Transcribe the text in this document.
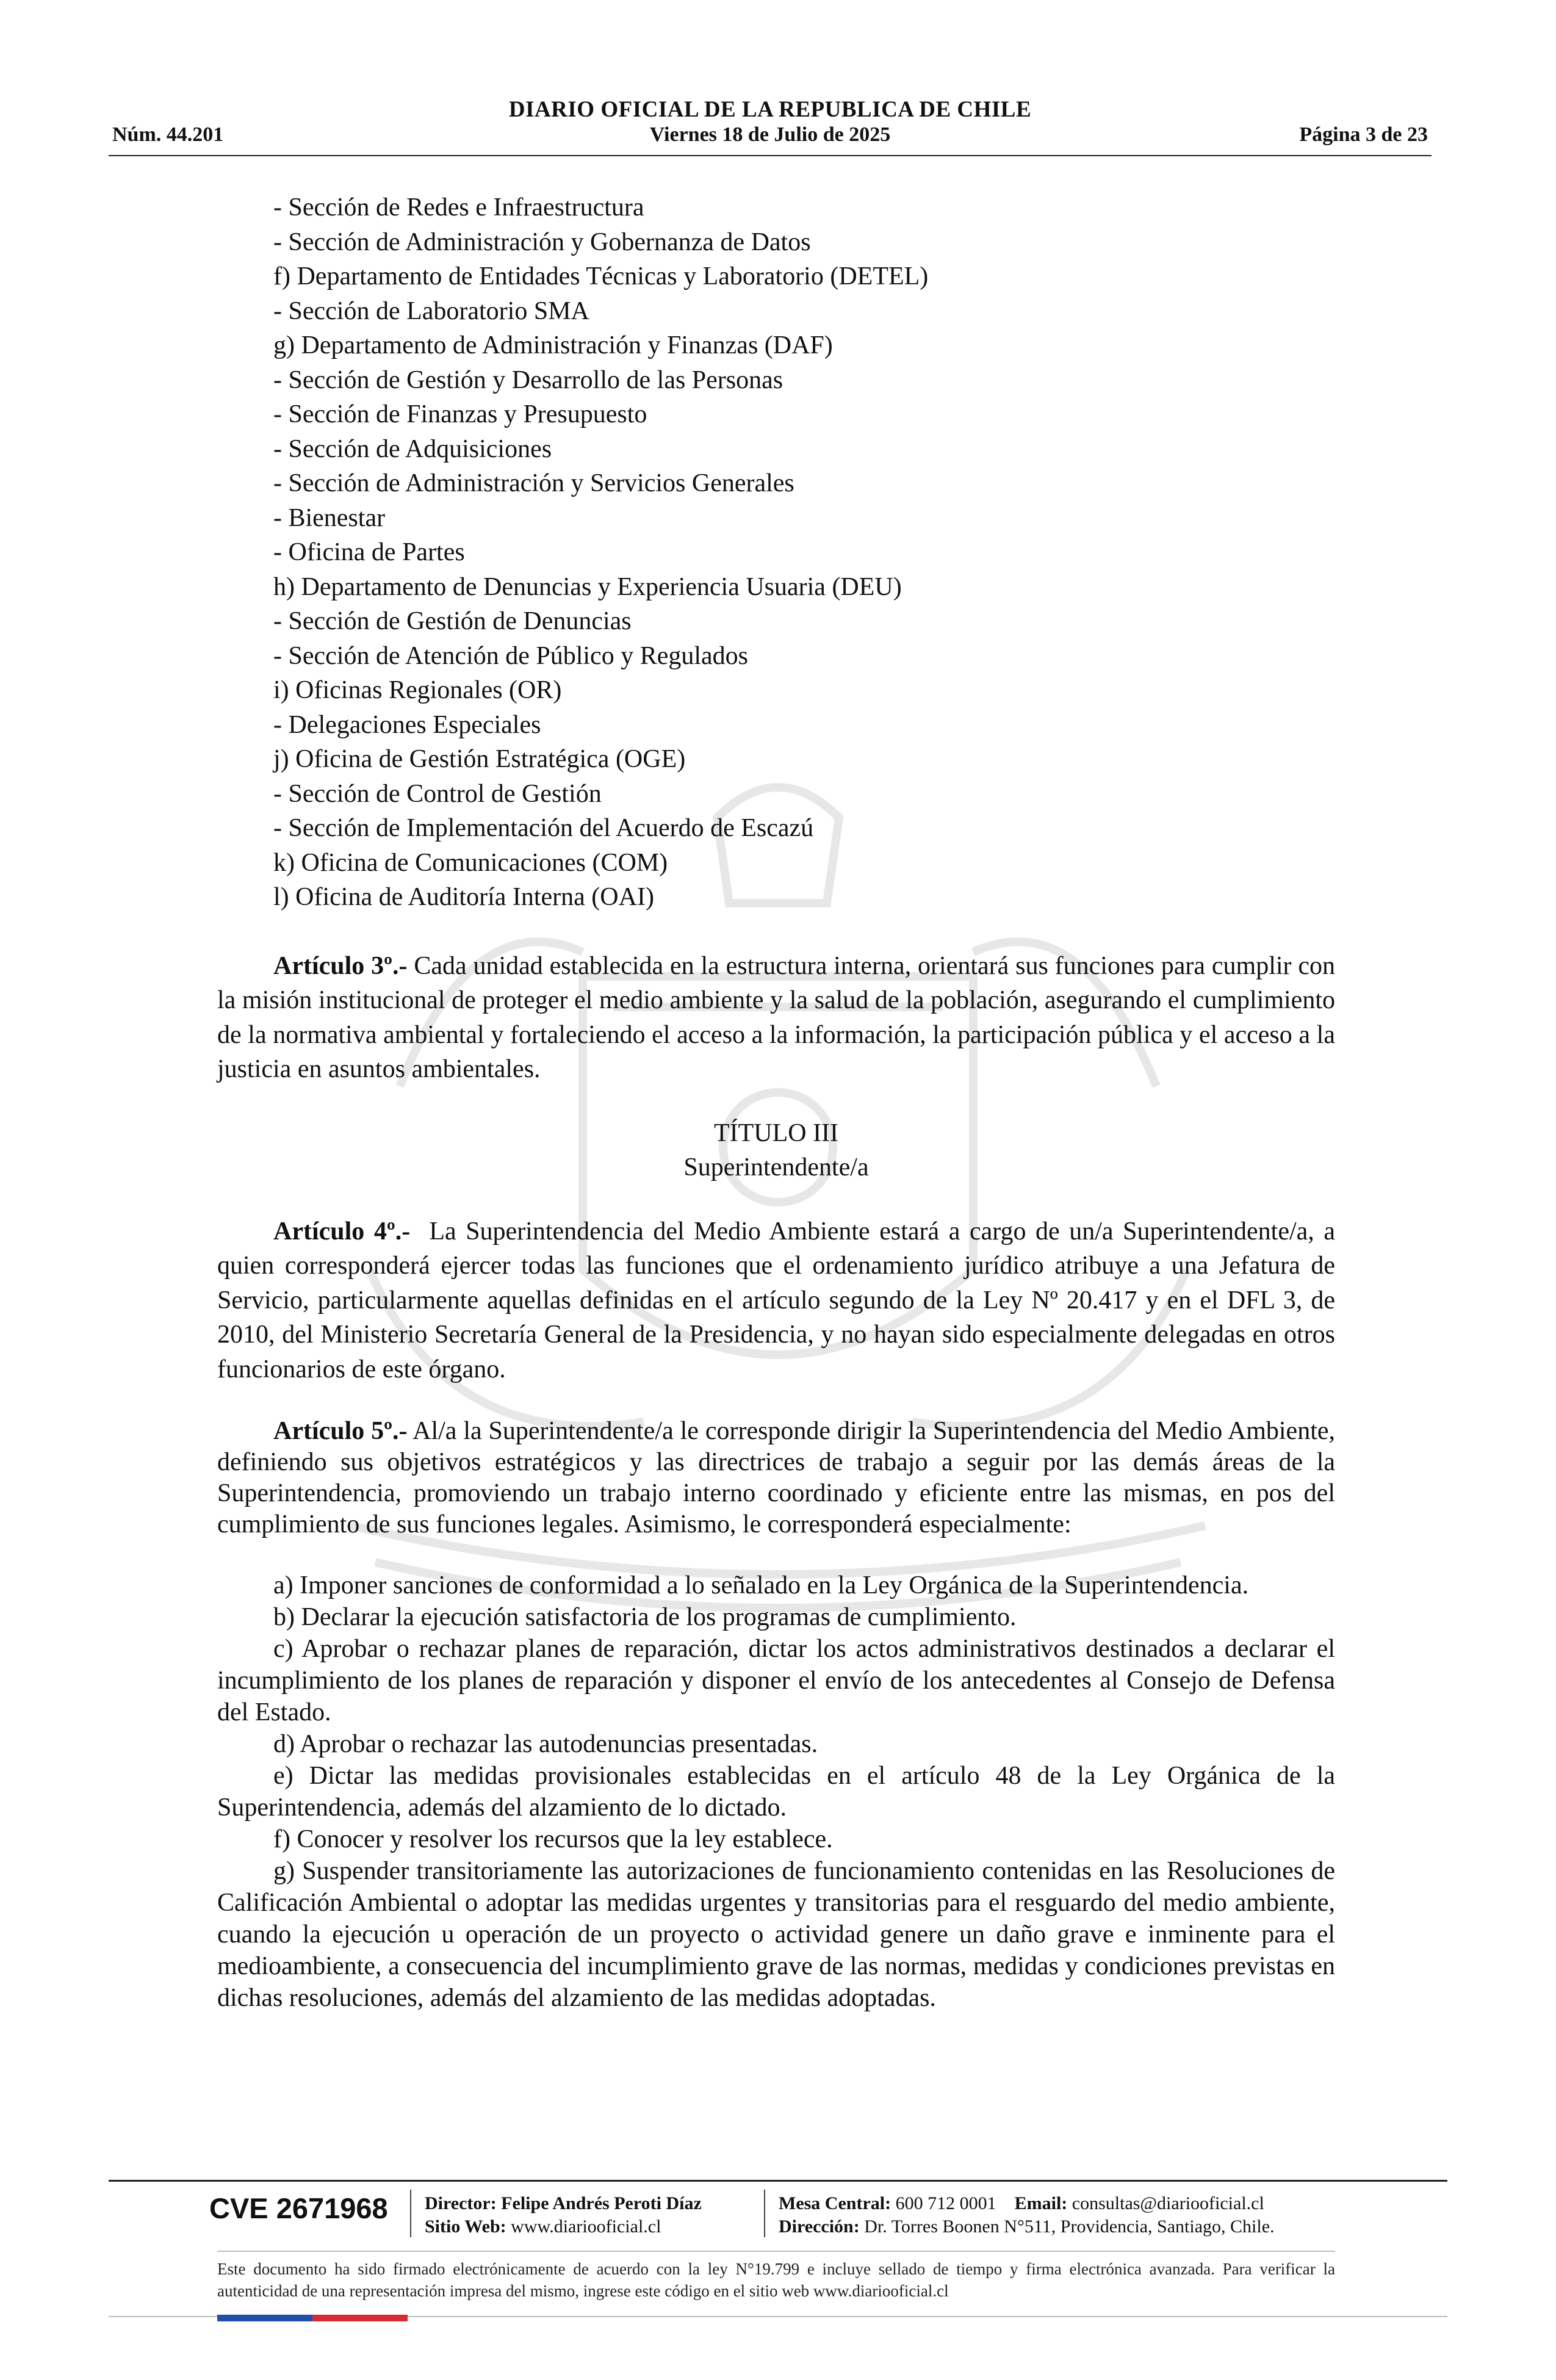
DIARIO OFICIAL DE LA REPUBLICA DE CHILE
Núm. 44.201	Viernes 18 de Julio de 2025	Página 3 de 23
- Sección de Redes e Infraestructura
- Sección de Administración y Gobernanza de Datos
f) Departamento de Entidades Técnicas y Laboratorio (DETEL)
- Sección de Laboratorio SMA
g) Departamento de Administración y Finanzas (DAF)
- Sección de Gestión y Desarrollo de las Personas
- Sección de Finanzas y Presupuesto
- Sección de Adquisiciones
- Sección de Administración y Servicios Generales
- Bienestar
- Oficina de Partes
h) Departamento de Denuncias y Experiencia Usuaria (DEU)
- Sección de Gestión de Denuncias
- Sección de Atención de Público y Regulados
i) Oficinas Regionales (OR)
- Delegaciones Especiales
j) Oficina de Gestión Estratégica (OGE)
- Sección de Control de Gestión
- Sección de Implementación del Acuerdo de Escazú
k) Oficina de Comunicaciones (COM)
l) Oficina de Auditoría Interna (OAI)

Artículo 3º.- Cada unidad establecida en la estructura interna, orientará sus funciones para cumplir con la misión institucional de proteger el medio ambiente y la salud de la población, asegurando el cumplimiento de la normativa ambiental y fortaleciendo el acceso a la información, la participación pública y el acceso a la justicia en asuntos ambientales.

TÍTULO III
Superintendente/a

Artículo 4º.- La Superintendencia del Medio Ambiente estará a cargo de un/a Superintendente/a, a quien corresponderá ejercer todas las funciones que el ordenamiento jurídico atribuye a una Jefatura de Servicio, particularmente aquellas definidas en el artículo segundo de la Ley Nº 20.417 y en el DFL 3, de 2010, del Ministerio Secretaría General de la Presidencia, y no hayan sido especialmente delegadas en otros funcionarios de este órgano.

Artículo 5º.- Al/a la Superintendente/a le corresponde dirigir la Superintendencia del Medio Ambiente, definiendo sus objetivos estratégicos y las directrices de trabajo a seguir por las demás áreas de la Superintendencia, promoviendo un trabajo interno coordinado y eficiente entre las mismas, en pos del cumplimiento de sus funciones legales. Asimismo, le corresponderá especialmente:

a) Imponer sanciones de conformidad a lo señalado en la Ley Orgánica de la Superintendencia.

b) Declarar la ejecución satisfactoria de los programas de cumplimiento.

c) Aprobar o rechazar planes de reparación, dictar los actos administrativos destinados a declarar el incumplimiento de los planes de reparación y disponer el envío de los antecedentes al Consejo de Defensa del Estado.

d) Aprobar o rechazar las autodenuncias presentadas.

e) Dictar las medidas provisionales establecidas en el artículo 48 de la Ley Orgánica de la Superintendencia, además del alzamiento de lo dictado.

f) Conocer y resolver los recursos que la ley establece.

g) Suspender transitoriamente las autorizaciones de funcionamiento contenidas en las Resoluciones de Calificación Ambiental o adoptar las medidas urgentes y transitorias para el resguardo del medio ambiente, cuando la ejecución u operación de un proyecto o actividad genere un daño grave e inminente para el medioambiente, a consecuencia del incumplimiento grave de las normas, medidas y condiciones previstas en dichas resoluciones, además del alzamiento de las medidas adoptadas.

CVE 2671968 Director: Felipe Andrés Peroti Díaz
Sitio Web: www.diariooficial.cl
Mesa Central: 600 712 0001 Email: consultas@diariooficial.cl
Dirección: Dr. Torres Boonen N°511, Providencia, Santiago, Chile.
Este documento ha sido firmado electrónicamente de acuerdo con la ley N°19.799 e incluye sellado de tiempo y firma electrónica avanzada. Para verificar la autenticidad de una representación impresa del mismo, ingrese este código en el sitio web www.diariooficial.cl
